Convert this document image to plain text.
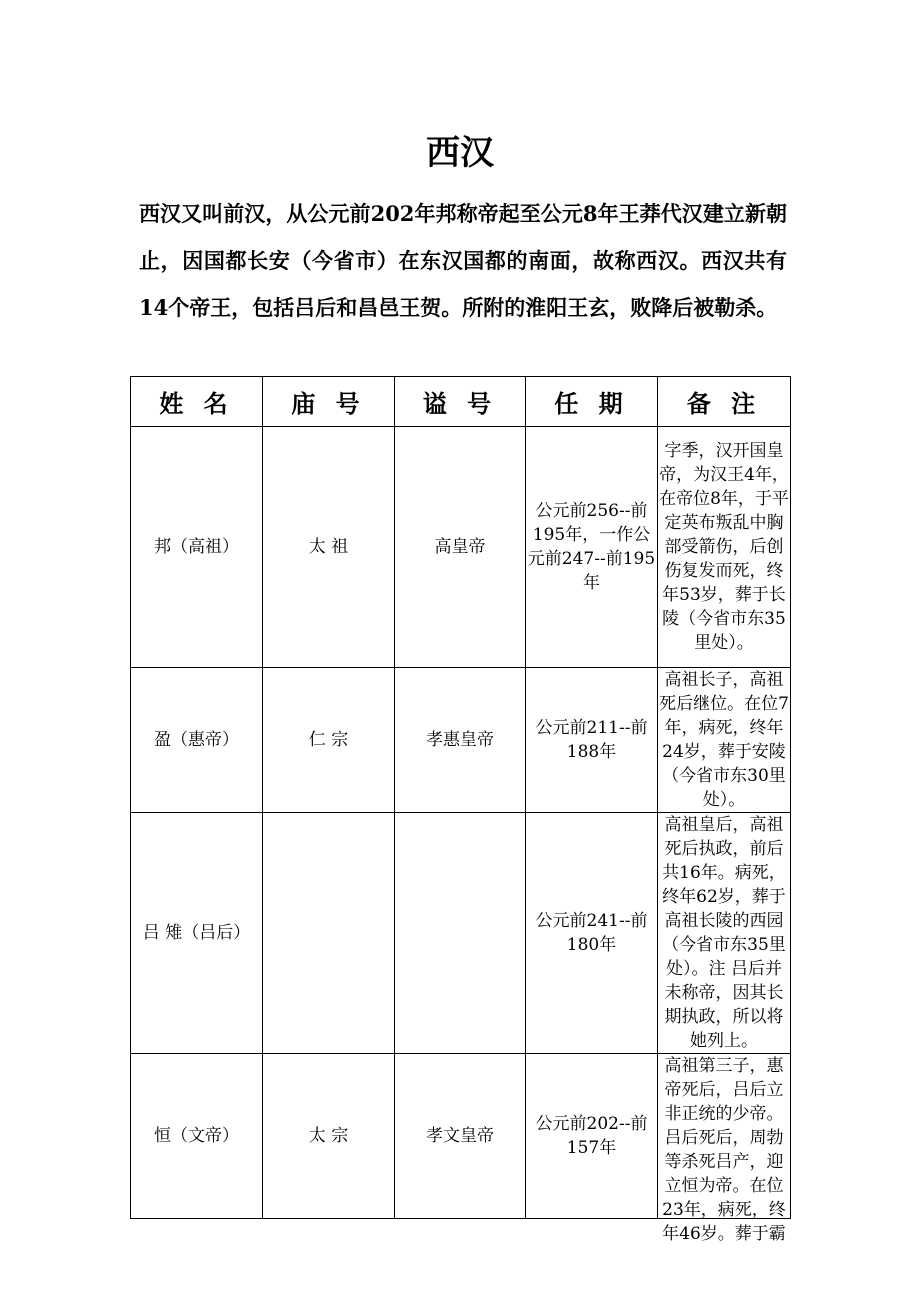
西汉

西汉又叫前汉，从公元前202年邦称帝起至公元8年王莽代汉建立新朝止，因国都长安（今省市）在东汉国都的南面，故称西汉。西汉共有14个帝王，包括吕后和昌邑王贺。所附的淮阳王玄，败降后被勒杀。

姓 名	庙 号	谥 号	任 期	备 注
邦（高祖）	太 祖	高皇帝	公元前256--前195年，一作公元前247--前195年	字季，汉开国皇帝，为汉王4年，在帝位8年，于平定英布叛乱中胸部受箭伤，后创伤复发而死，终年53岁，葬于长陵（今省市东35里处）。
盈（惠帝）	仁 宗	孝惠皇帝	公元前211--前188年	高祖长子，高祖死后继位。在位7年，病死，终年24岁，葬于安陵（今省市东30里处）。
吕 雉（吕后）			公元前241--前180年	高祖皇后，高祖死后执政，前后共16年。病死，终年62岁，葬于高祖长陵的西园（今省市东35里处）。注 吕后并未称帝，因其长期执政，所以将她列上。
恒（文帝）	太 宗	孝文皇帝	公元前202--前157年	高祖第三子，惠帝死后，吕后立非正统的少帝。吕后死后，周勃等杀死吕产，迎立恒为帝。在位23年，病死，终年46岁。葬于霸
